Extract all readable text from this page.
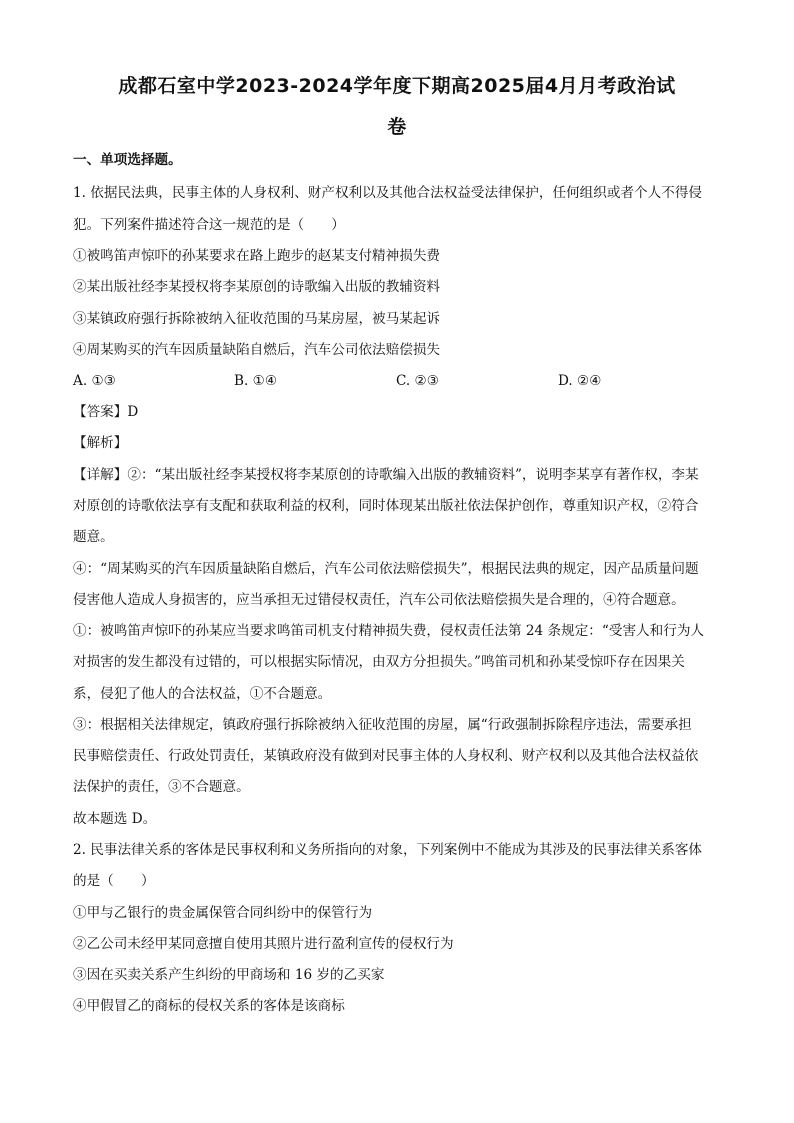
成都石室中学2023-2024学年度下期高2025届4月月考政治试
卷
一、单项选择题。
1. 依据民法典，民事主体的人身权利、财产权利以及其他合法权益受法律保护，任何组织或者个人不得侵
犯。下列案件描述符合这一规范的是（　　）
①被鸣笛声惊吓的孙某要求在路上跑步的赵某支付精神损失费
②某出版社经李某授权将李某原创的诗歌编入出版的教辅资料
③某镇政府强行拆除被纳入征收范围的马某房屋，被马某起诉
④周某购买的汽车因质量缺陷自燃后，汽车公司依法赔偿损失
A. ①③	B. ①④	C. ②③	D. ②④
【答案】D
【解析】
【详解】②：“某出版社经李某授权将李某原创的诗歌编入出版的教辅资料”，说明李某享有著作权，李某
对原创的诗歌依法享有支配和获取利益的权利，同时体现某出版社依法保护创作，尊重知识产权，②符合
题意。
④：“周某购买的汽车因质量缺陷自燃后，汽车公司依法赔偿损失”，根据民法典的规定，因产品质量问题
侵害他人造成人身损害的，应当承担无过错侵权责任，汽车公司依法赔偿损失是合理的，④符合题意。
①：被鸣笛声惊吓的孙某应当要求鸣笛司机支付精神损失费，侵权责任法第 24 条规定：“受害人和行为人
对损害的发生都没有过错的，可以根据实际情况，由双方分担损失。”鸣笛司机和孙某受惊吓存在因果关
系，侵犯了他人的合法权益，①不合题意。
③：根据相关法律规定，镇政府强行拆除被纳入征收范围的房屋，属“行政强制拆除程序违法，需要承担
民事赔偿责任、行政处罚责任，某镇政府没有做到对民事主体的人身权利、财产权利以及其他合法权益依
法保护的责任，③不合题意。
故本题选 D。
2. 民事法律关系的客体是民事权利和义务所指向的对象，下列案例中不能成为其涉及的民事法律关系客体
的是（　　）
①甲与乙银行的贵金属保管合同纠纷中的保管行为
②乙公司未经甲某同意擅自使用其照片进行盈利宣传的侵权行为
③因在买卖关系产生纠纷的甲商场和 16 岁的乙买家
④甲假冒乙的商标的侵权关系的客体是该商标
